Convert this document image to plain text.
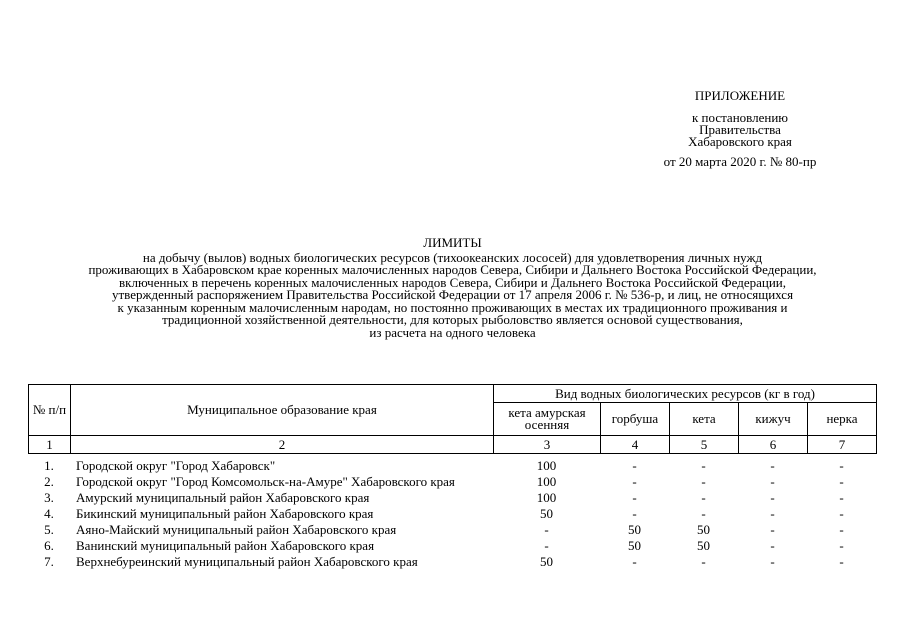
ПРИЛОЖЕНИЕ
к постановлению
Правительства
Хабаровского края
от 20 марта 2020 г. № 80-пр
ЛИМИТЫ
на добычу (вылов) водных биологических ресурсов (тихоокеанских лососей) для удовлетворения личных нужд
проживающих в Хабаровском крае коренных малочисленных народов Севера, Сибири и Дальнего Востока Российской Федерации,
включенных в перечень коренных малочисленных народов Севера, Сибири и Дальнего Востока Российской Федерации,
утвержденный распоряжением Правительства Российской Федерации от 17 апреля 2006 г. № 536-р, и лиц, не относящихся
к указанным коренным малочисленным народам, но постоянно проживающих в местах их традиционного проживания и
традиционной хозяйственной деятельности, для которых рыболовство является основой существования,
из расчета на одного человека
№ п/п	Муниципальное образование края	Вид водных биологических ресурсов (кг в год)				
		кета амурская осенняя	горбуша	кета	кижуч	нерка
1	2	3	4	5	6	7
1.	Городской округ "Город Хабаровск"	100	-	-	-	-
2.	Городской округ "Город Комсомольск-на-Амуре" Хабаровского края	100	-	-	-	-
3.	Амурский муниципальный район Хабаровского края	100	-	-	-	-
4.	Бикинский муниципальный район Хабаровского края	50	-	-	-	-
5.	Аяно-Майский муниципальный район Хабаровского края	-	50	50	-	-
6.	Ванинский муниципальный район Хабаровского края	-	50	50	-	-
7.	Верхнебуреинский муниципальный район Хабаровского края	50	-	-	-	-
